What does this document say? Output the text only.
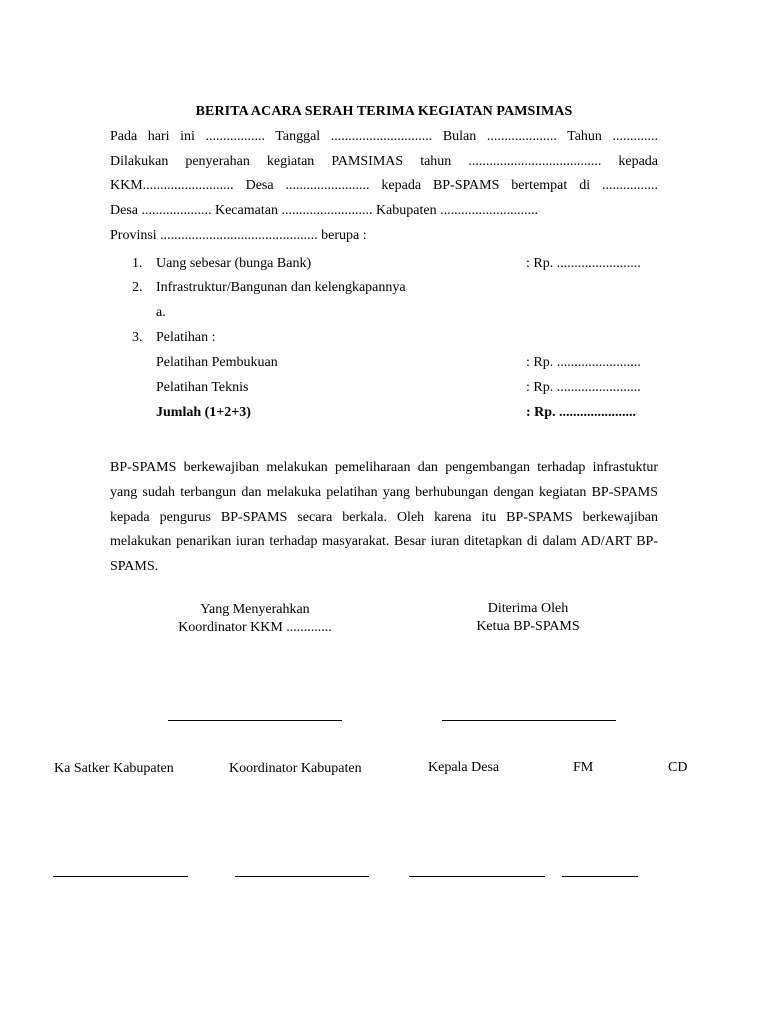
BERITA ACARA SERAH TERIMA KEGIATAN PAMSIMAS
Pada hari ini ................. Tanggal ............................. Bulan .................... Tahun .............
Dilakukan penyerahan kegiatan PAMSIMAS tahun ...................................... kepada
KKM.......................... Desa ........................ kepada BP-SPAMS bertempat di ................
Desa .................... Kecamatan .......................... Kabupaten ............................
Provinsi ............................................. berupa :
1. Uang sebesar (bunga Bank)	: Rp. ........................
2. Infrastruktur/Bangunan dan kelengkapannya
a.
3. Pelatihan :
Pelatihan Pembukuan	: Rp. ........................
Pelatihan Teknis	: Rp. ........................
Jumlah (1+2+3)	: Rp. ......................
BP-SPAMS berkewajiban melakukan pemeliharaan dan pengembangan terhadap infrastuktur yang sudah terbangun dan melakuka pelatihan yang berhubungan dengan kegiatan BP-SPAMS kepada pengurus BP-SPAMS secara berkala. Oleh karena itu BP-SPAMS berkewajiban melakukan penarikan iuran terhadap masyarakat. Besar iuran ditetapkan di dalam AD/ART BP-SPAMS.
Yang Menyerahkan
Koordinator KKM .............
Diterima Oleh
Ketua BP-SPAMS
Ka Satker Kabupaten	Koordinator Kabupaten	Kepala Desa	FM	CD
